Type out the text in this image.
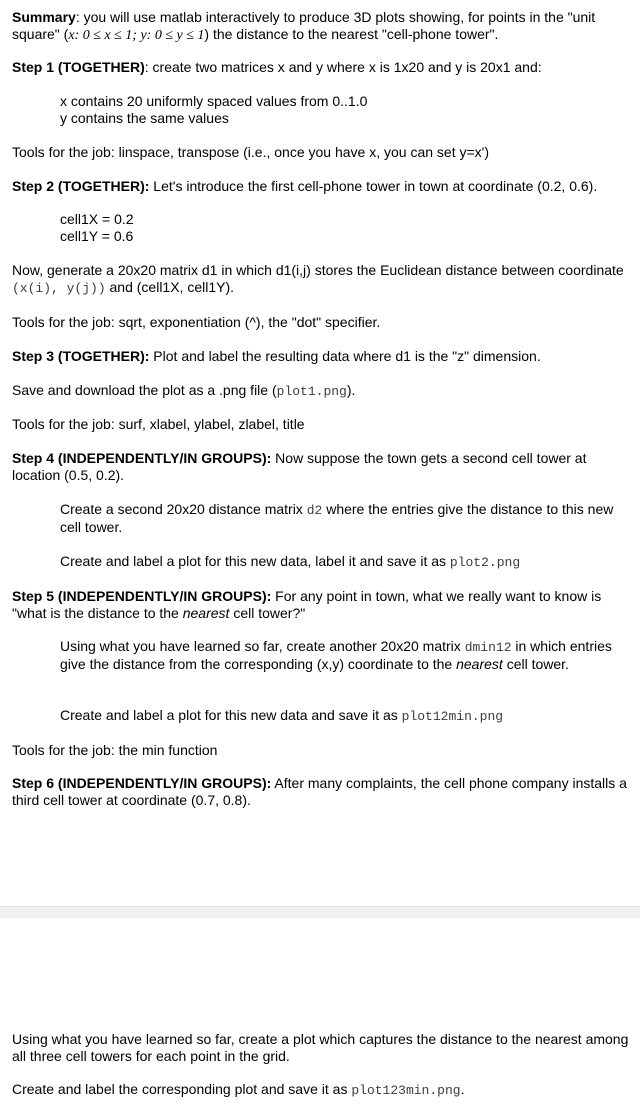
Summary: you will use matlab interactively to produce 3D plots showing, for points in the "unit square" (x: 0 ≤ x ≤ 1; y: 0 ≤ y ≤ 1) the distance to the nearest "cell-phone tower".

Step 1 (TOGETHER): create two matrices x and y where x is 1x20 and y is 20x1 and:

x contains 20 uniformly spaced values from 0..1.0

y contains the same values

Tools for the job: linspace, transpose (i.e., once you have x, you can set y=x')

Step 2 (TOGETHER): Let's introduce the first cell-phone tower in town at coordinate (0.2, 0.6).

cell1X = 0.2

cell1Y = 0.6

Now, generate a 20x20 matrix d1 in which d1(i,j) stores the Euclidean distance between coordinate (x(i), y(j)) and (cell1X, cell1Y).

Tools for the job: sqrt, exponentiation (^), the "dot" specifier.

Step 3 (TOGETHER): Plot and label the resulting data where d1 is the "z" dimension.

Save and download the plot as a .png file (plot1.png).

Tools for the job: surf, xlabel, ylabel, zlabel, title

Step 4 (INDEPENDENTLY/IN GROUPS): Now suppose the town gets a second cell tower at location (0.5, 0.2).

Create a second 20x20 distance matrix d2 where the entries give the distance to this new cell tower.

Create and label a plot for this new data, label it and save it as plot2.png

Step 5 (INDEPENDENTLY/IN GROUPS): For any point in town, what we really want to know is "what is the distance to the nearest cell tower?"

Using what you have learned so far, create another 20x20 matrix dmin12 in which entries give the distance from the corresponding (x,y) coordinate to the nearest cell tower.

Create and label a plot for this new data and save it as plot12min.png

Tools for the job: the min function

Step 6 (INDEPENDENTLY/IN GROUPS): After many complaints, the cell phone company installs a third cell tower at coordinate (0.7, 0.8).

Using what you have learned so far, create a plot which captures the distance to the nearest among all three cell towers for each point in the grid.

Create and label the corresponding plot and save it as plot123min.png.
